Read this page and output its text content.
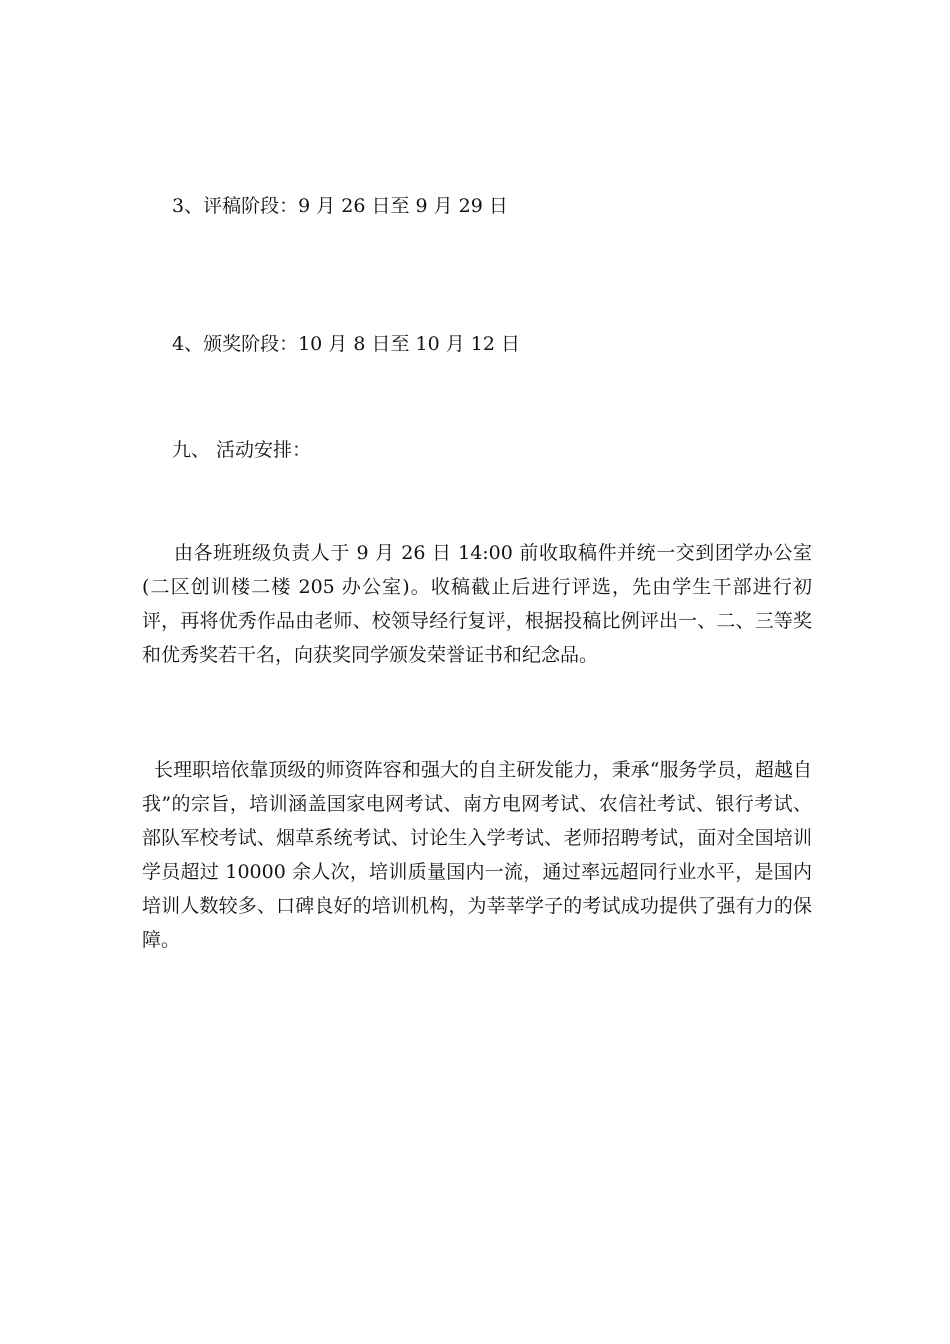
3、评稿阶段：9 月 26 日至 9 月 29 日
4、颁奖阶段：10 月 8 日至 10 月 12 日
九、 活动安排：
由各班班级负责人于 9 月 26 日 14:00 前收取稿件并统一交到团学办公室(二区创训楼二楼 205 办公室)。收稿截止后进行评选，先由学生干部进行初评，再将优秀作品由老师、校领导经行复评，根据投稿比例评出一、二、三等奖和优秀奖若干名，向获奖同学颁发荣誉证书和纪念品。
长理职培依靠顶级的师资阵容和强大的自主研发能力，秉承“服务学员，超越自我”的宗旨，培训涵盖国家电网考试、南方电网考试、农信社考试、银行考试、部队军校考试、烟草系统考试、讨论生入学考试、老师招聘考试，面对全国培训学员超过 10000 余人次，培训质量国内一流，通过率远超同行业水平，是国内培训人数较多、口碑良好的培训机构，为莘莘学子的考试成功提供了强有力的保障。
